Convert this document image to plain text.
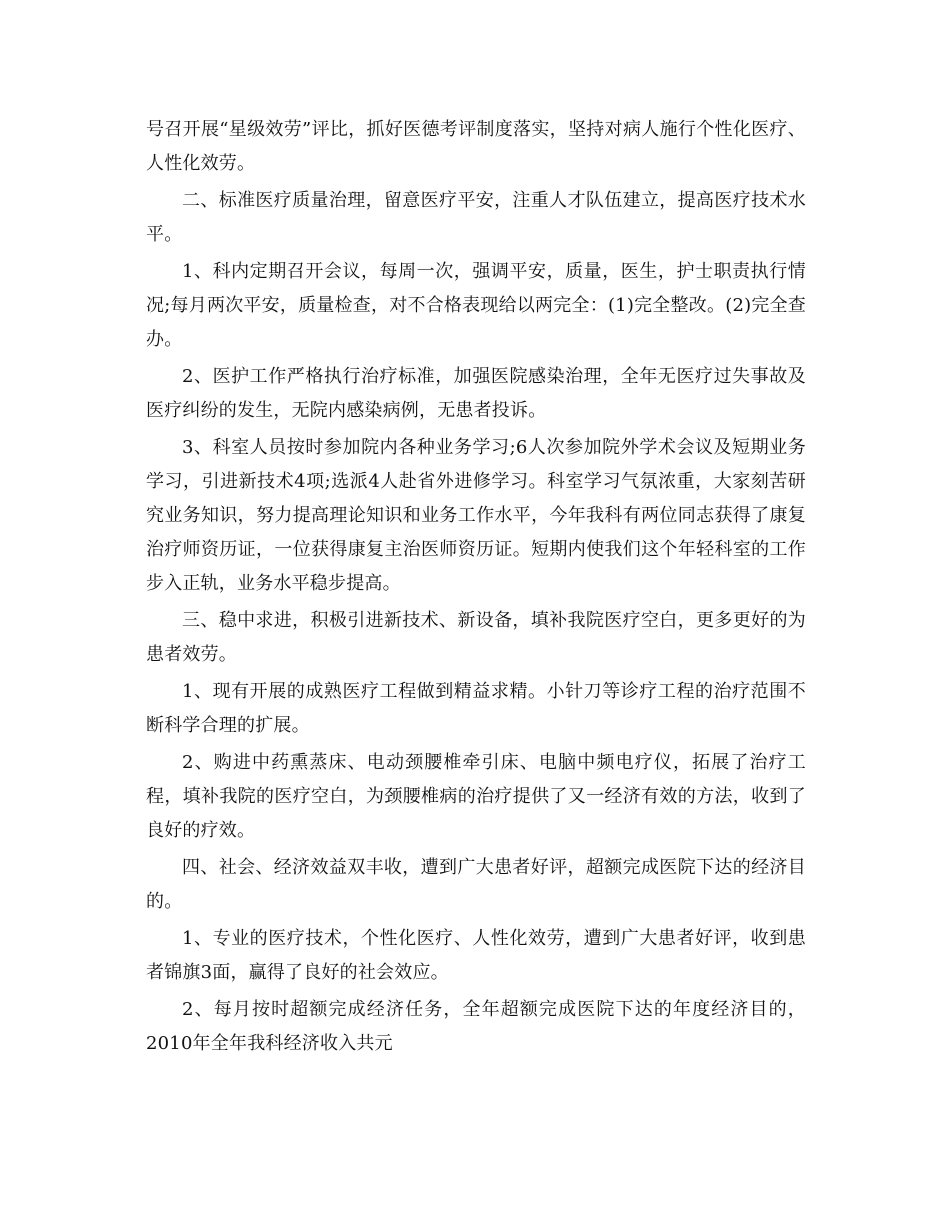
号召开展“星级效劳”评比，抓好医德考评制度落实，坚持对病人施行个性化医疗、人性化效劳。

二、标准医疗质量治理，留意医疗平安，注重人才队伍建立，提高医疗技术水平。

1、科内定期召开会议，每周一次，强调平安，质量，医生，护士职责执行情况;每月两次平安，质量检查，对不合格表现给以两完全：(1)完全整改。(2)完全查办。

2、医护工作严格执行治疗标准，加强医院感染治理，全年无医疗过失事故及医疗纠纷的发生，无院内感染病例，无患者投诉。

3、科室人员按时参加院内各种业务学习;6人次参加院外学术会议及短期业务学习，引进新技术4项;选派4人赴省外进修学习。科室学习气氛浓重，大家刻苦研究业务知识，努力提高理论知识和业务工作水平，今年我科有两位同志获得了康复治疗师资历证，一位获得康复主治医师资历证。短期内使我们这个年轻科室的工作步入正轨，业务水平稳步提高。

三、稳中求进，积极引进新技术、新设备，填补我院医疗空白，更多更好的为患者效劳。

1、现有开展的成熟医疗工程做到精益求精。小针刀等诊疗工程的治疗范围不断科学合理的扩展。

2、购进中药熏蒸床、电动颈腰椎牵引床、电脑中频电疗仪，拓展了治疗工程，填补我院的医疗空白，为颈腰椎病的治疗提供了又一经济有效的方法，收到了良好的疗效。

四、社会、经济效益双丰收，遭到广大患者好评，超额完成医院下达的经济目的。

1、专业的医疗技术，个性化医疗、人性化效劳，遭到广大患者好评，收到患者锦旗3面，赢得了良好的社会效应。

2、每月按时超额完成经济任务，全年超额完成医院下达的年度经济目的，2010年全年我科经济收入共元
